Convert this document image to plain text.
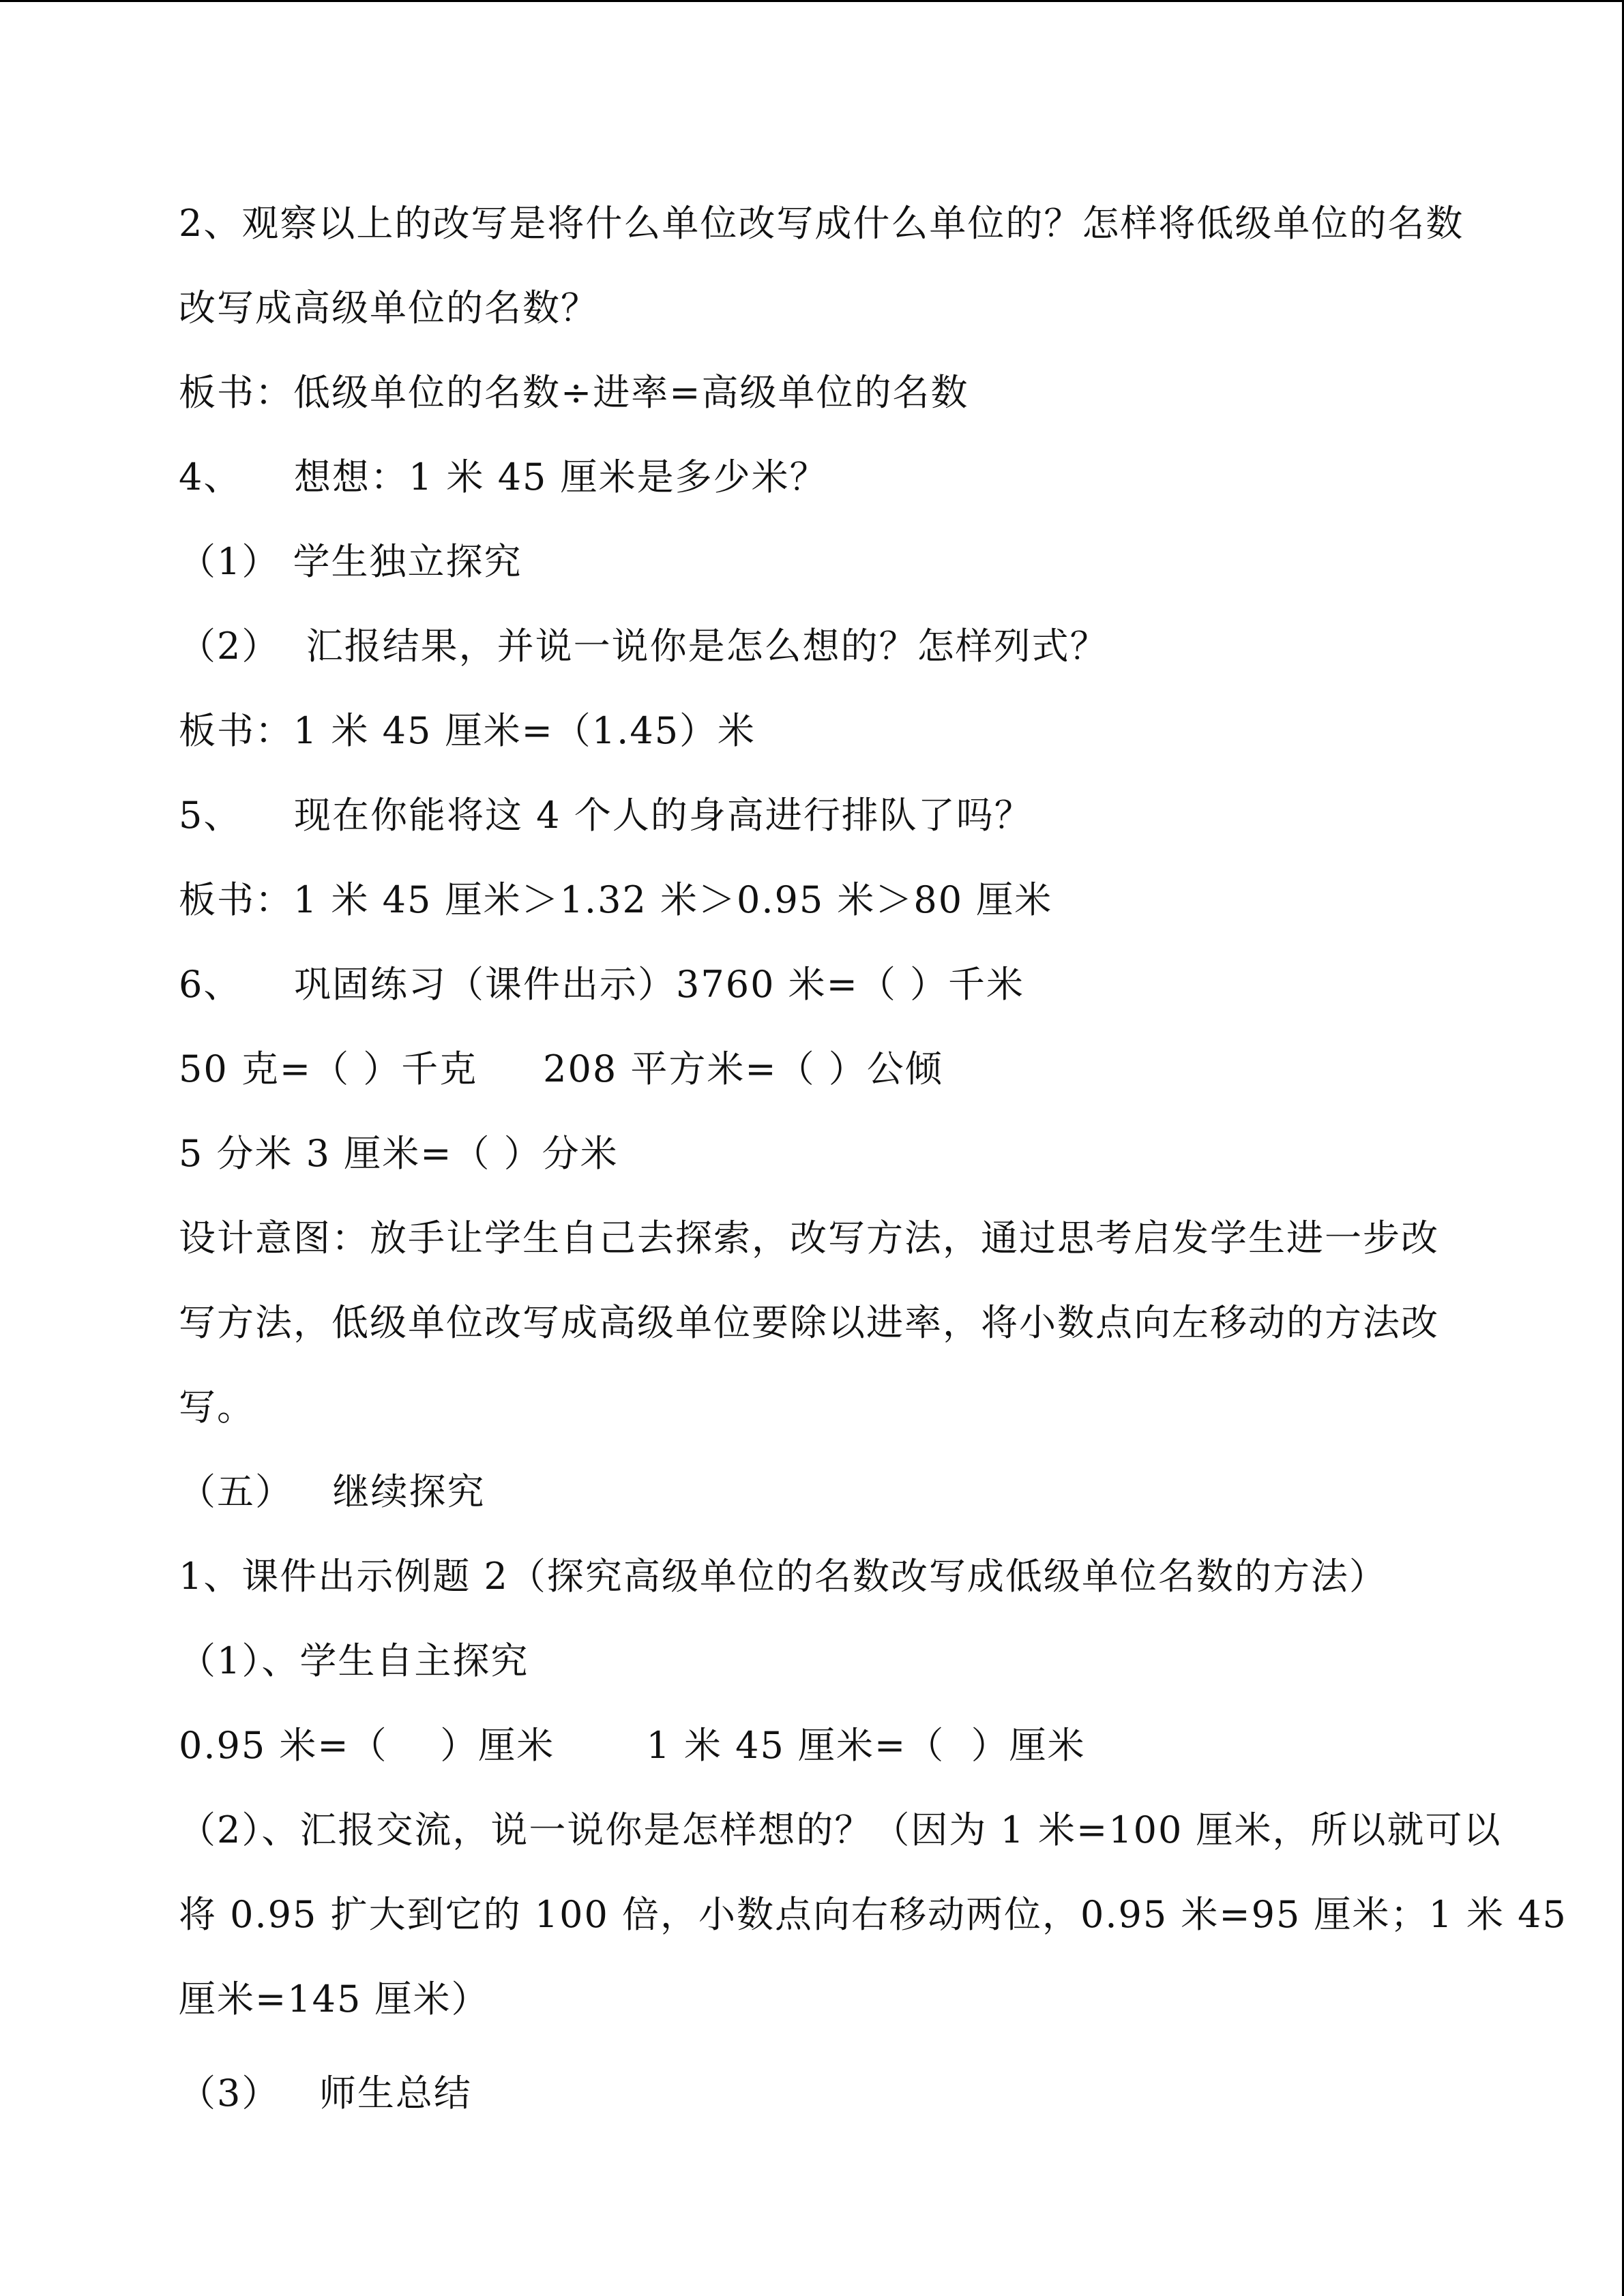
2、观察以上的改写是将什么单位改写成什么单位的？怎样将低级单位的名数
改写成高级单位的名数？
板书：低级单位的名数÷进率=高级单位的名数
4、    想想：1 米 45 厘米是多少米？
（1） 学生独立探究
（2）  汇报结果，并说一说你是怎么想的？怎样列式？
板书：1 米 45 厘米=（1.45）米
5、    现在你能将这 4 个人的身高进行排队了吗？
板书：1 米 45 厘米＞1.32 米＞0.95 米＞80 厘米
6、    巩固练习（课件出示）3760 米=（ ）千米
50 克=（ ）千克     208 平方米=（ ）公倾
5 分米 3 厘米=（ ）分米
设计意图：放手让学生自己去探索，改写方法，通过思考启发学生进一步改
写方法，低级单位改写成高级单位要除以进率，将小数点向左移动的方法改
写。
（五）   继续探究
1、课件出示例题 2（探究高级单位的名数改写成低级单位名数的方法）
（1）、学生自主探究
0.95 米=（    ）厘米       1 米 45 厘米=（  ）厘米
（2）、汇报交流，说一说你是怎样想的？（因为 1 米=100 厘米，所以就可以
将 0.95 扩大到它的 100 倍，小数点向右移动两位，0.95 米=95 厘米；1 米 45
厘米=145 厘米）
（3）   师生总结
